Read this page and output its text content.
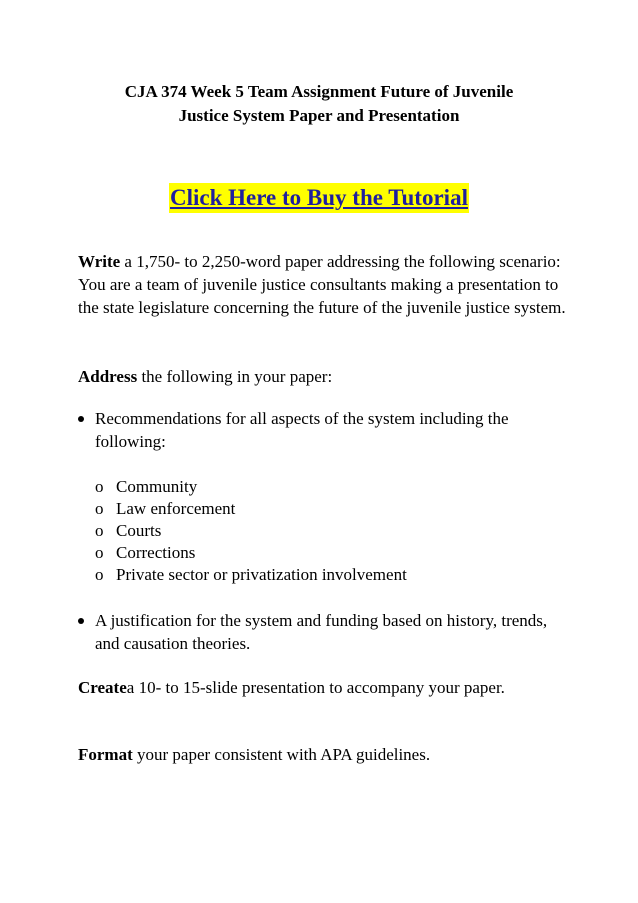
CJA 374 Week 5 Team Assignment Future of Juvenile
Justice System Paper and Presentation
Click Here to Buy the Tutorial

Write a 1,750- to 2,250-word paper addressing the following scenario: You are a team of juvenile justice consultants making a presentation to the state legislature concerning the future of the juvenile justice system.

Address the following in your paper:

Recommendations for all aspects of the system including the following:
o Community
o Law enforcement
o Courts
o Corrections
o Private sector or privatization involvement
A justification for the system and funding based on history, trends, and causation theories.

Createa 10- to 15-slide presentation to accompany your paper.

Format your paper consistent with APA guidelines.
